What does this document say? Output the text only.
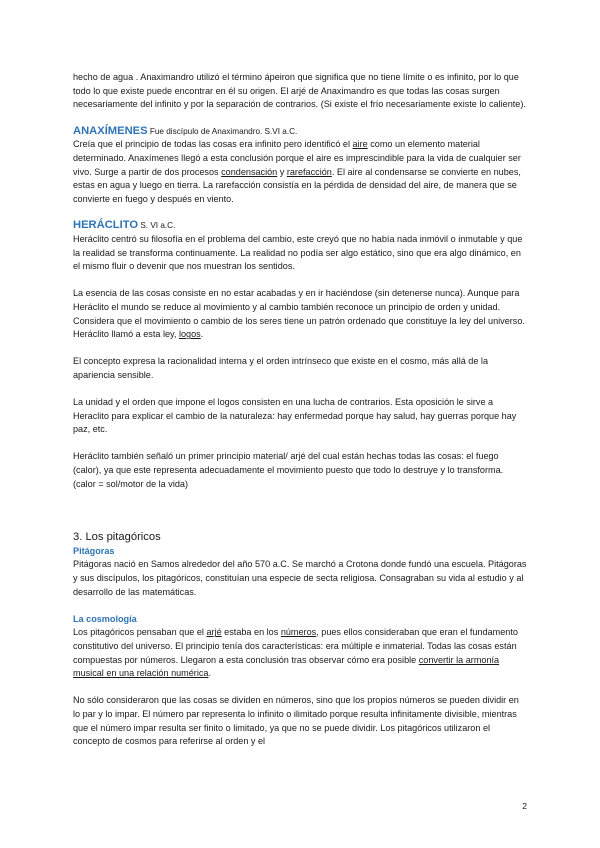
hecho de agua . Anaximandro utilizó el término ápeiron que significa que no tiene límite o es infinito, por lo que todo lo que existe puede encontrar en él su origen. El arjé de Anaximandro es que todas las cosas surgen necesariamente del infinito y por la separación de contrarios. (Si existe el frío necesariamente existe lo caliente).

ANAXÍMENES Fue discípulo de Anaximandro. S.VI a.C.

Creía que el principio de todas las cosas era infinito pero identificó el aire como un elemento material determinado. Anaxímenes llegó a esta conclusión porque el aire es imprescindible para la vida de cualquier ser vivo. Surge a partir de dos procesos condensación y rarefacción. El aire al condensarse se convierte en nubes, estas en agua y luego en tierra. La rarefacción consistía en la pérdida de densidad del aire, de manera que se convierte en fuego y después en viento.

HERÁCLITO S. VI a.C.

Heráclito centró su filosofía en el problema del cambio, este creyó que no había nada inmóvil o inmutable y que la realidad se transforma continuamente. La realidad no podía ser algo estático, sino que era algo dinámico, en el mismo fluir o devenir que nos muestran los sentidos.

La esencia de las cosas consiste en no estar acabadas y en ir haciéndose (sin detenerse nunca). Aunque para Heráclito el mundo se reduce al movimiento y al cambio también reconoce un principio de orden y unidad. Considera que el movimiento o cambio de los seres tiene un patrón ordenado que constituye la ley del universo. Heráclito llamó a esta ley, logos.

El concepto expresa la racionalidad interna y el orden intrínseco que existe en el cosmo, más allá de la apariencia sensible.

La unidad y el orden que impone el logos consisten en una lucha de contrarios. Esta oposición le sirve a Heraclito para explicar el cambio de la naturaleza: hay enfermedad porque hay salud, hay guerras porque hay paz, etc.

Heráclito también señaló un primer principio material/ arjé del cual están hechas todas las cosas: el fuego (calor), ya que este representa adecuadamente el movimiento puesto que todo lo destruye y lo transforma. (calor = sol/motor de la vida)

3. Los pitagóricos

Pitágoras

Pitágoras nació en Samos alrededor del año 570 a.C. Se marchó a Crotona donde fundó una escuela. Pitágoras y sus discípulos, los pitagóricos, constituían una especie de secta religiosa. Consagraban su vida al estudio y al desarrollo de las matemáticas.

La cosmología

Los pitagóricos pensaban que el arjé estaba en los números, pues ellos consideraban que eran el fundamento constitutivo del universo. El principio tenía dos características: era múltiple e inmaterial. Todas las cosas están compuestas por números. Llegaron a esta conclusión tras observar cómo era posible convertir la armonía musical en una relación numérica.

No sólo consideraron que las cosas se dividen en números, sino que los propios números se pueden dividir en lo par y lo impar. El número par representa lo infinito o ilimitado porque resulta infinitamente divisible, mientras que el número impar resulta ser finito o limitado, ya que no se puede dividir. Los pitagóricos utilizaron el concepto de cosmos para referirse al orden y el

2
